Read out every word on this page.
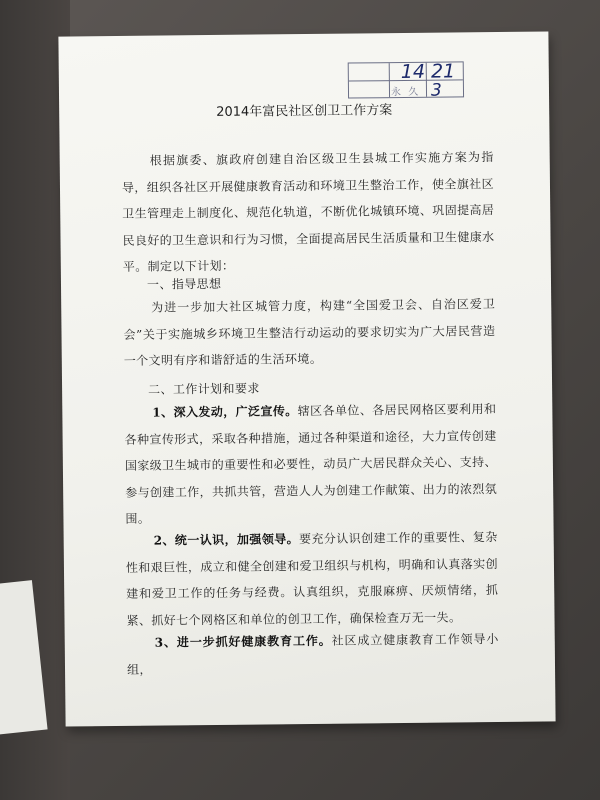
永 久
14 21
3
2014年富民社区创卫工作方案

根据旗委、旗政府创建自治区级卫生县城工作实施方案为指导，组织各社区开展健康教育活动和环境卫生整治工作，使全旗社区卫生管理走上制度化、规范化轨道，不断优化城镇环境、巩固提高居民良好的卫生意识和行为习惯，全面提高居民生活质量和卫生健康水平。制定以下计划：

一、指导思想

为进一步加大社区城管力度，构建“全国爱卫会、自治区爱卫会”关于实施城乡环境卫生整洁行动运动的要求切实为广大居民营造一个文明有序和谐舒适的生活环境。

二、工作计划和要求

1、深入发动，广泛宣传。辖区各单位、各居民网格区要利用和各种宣传形式，采取各种措施，通过各种渠道和途径，大力宣传创建国家级卫生城市的重要性和必要性，动员广大居民群众关心、支持、参与创建工作，共抓共管，营造人人为创建工作献策、出力的浓烈氛围。

2、统一认识，加强领导。要充分认识创建工作的重要性、复杂性和艰巨性，成立和健全创建和爱卫组织与机构，明确和认真落实创建和爱卫工作的任务与经费。认真组织，克服麻痹、厌烦情绪，抓紧、抓好七个网格区和单位的创卫工作，确保检查万无一失。

3、进一步抓好健康教育工作。社区成立健康教育工作领导小组，
